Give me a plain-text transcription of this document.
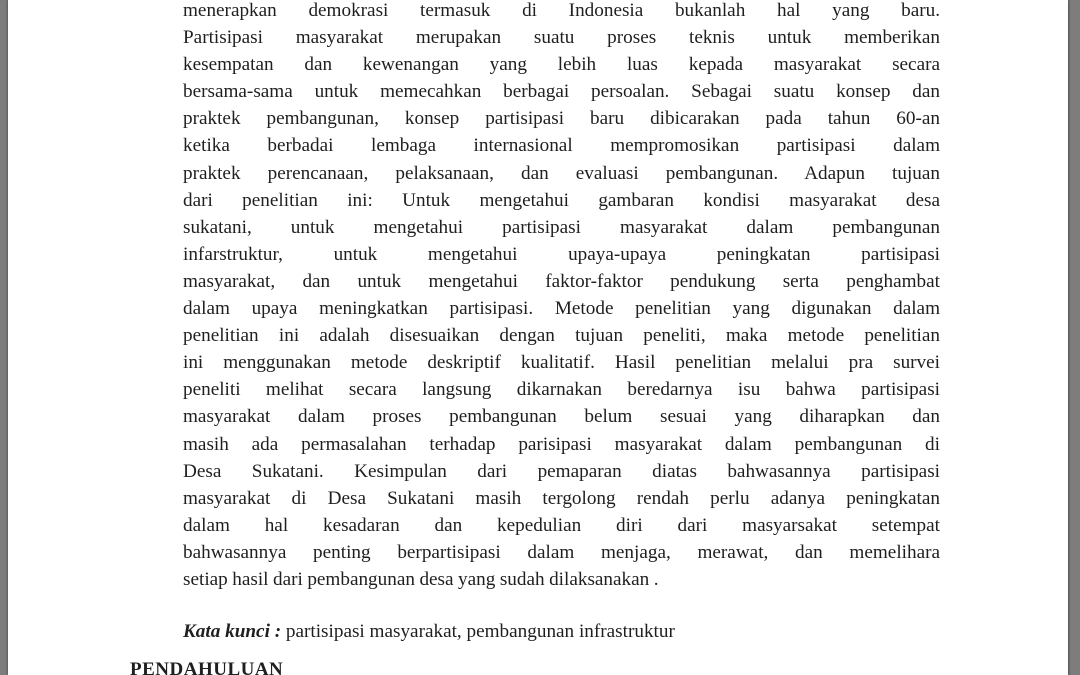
menerapkan demokrasi termasuk di Indonesia bukanlah hal yang baru.
Partisipasi masyarakat merupakan suatu proses teknis untuk memberikan
kesempatan dan kewenangan yang lebih luas kepada masyarakat secara
bersama-sama untuk memecahkan berbagai persoalan. Sebagai suatu konsep dan
praktek pembangunan, konsep partisipasi baru dibicarakan pada tahun 60-an
ketika berbadai lembaga internasional mempromosikan partisipasi dalam
praktek perencanaan, pelaksanaan, dan evaluasi pembangunan. Adapun tujuan
dari penelitian ini: Untuk mengetahui gambaran kondisi masyarakat desa
sukatani, untuk mengetahui partisipasi masyarakat dalam pembangunan
infarstruktur, untuk mengetahui upaya-upaya peningkatan partisipasi
masyarakat, dan untuk mengetahui faktor-faktor pendukung serta penghambat
dalam upaya meningkatkan partisipasi. Metode penelitian yang digunakan dalam
penelitian ini adalah disesuaikan dengan tujuan peneliti, maka metode penelitian
ini menggunakan metode deskriptif kualitatif. Hasil penelitian melalui pra survei
peneliti melihat secara langsung dikarnakan beredarnya isu bahwa partisipasi
masyarakat dalam proses pembangunan belum sesuai yang diharapkan dan
masih ada permasalahan terhadap parisipasi masyarakat dalam pembangunan di
Desa Sukatani. Kesimpulan dari pemaparan diatas bahwasannya partisipasi
masyarakat di Desa Sukatani masih tergolong rendah perlu adanya peningkatan
dalam hal kesadaran dan kepedulian diri dari masyarsakat setempat
bahwasannya penting berpartisipasi dalam menjaga, merawat, dan memelihara
setiap hasil dari pembangunan desa yang sudah dilaksanakan .
Kata kunci : partisipasi masyarakat, pembangunan infrastruktur
PENDAHULUAN
